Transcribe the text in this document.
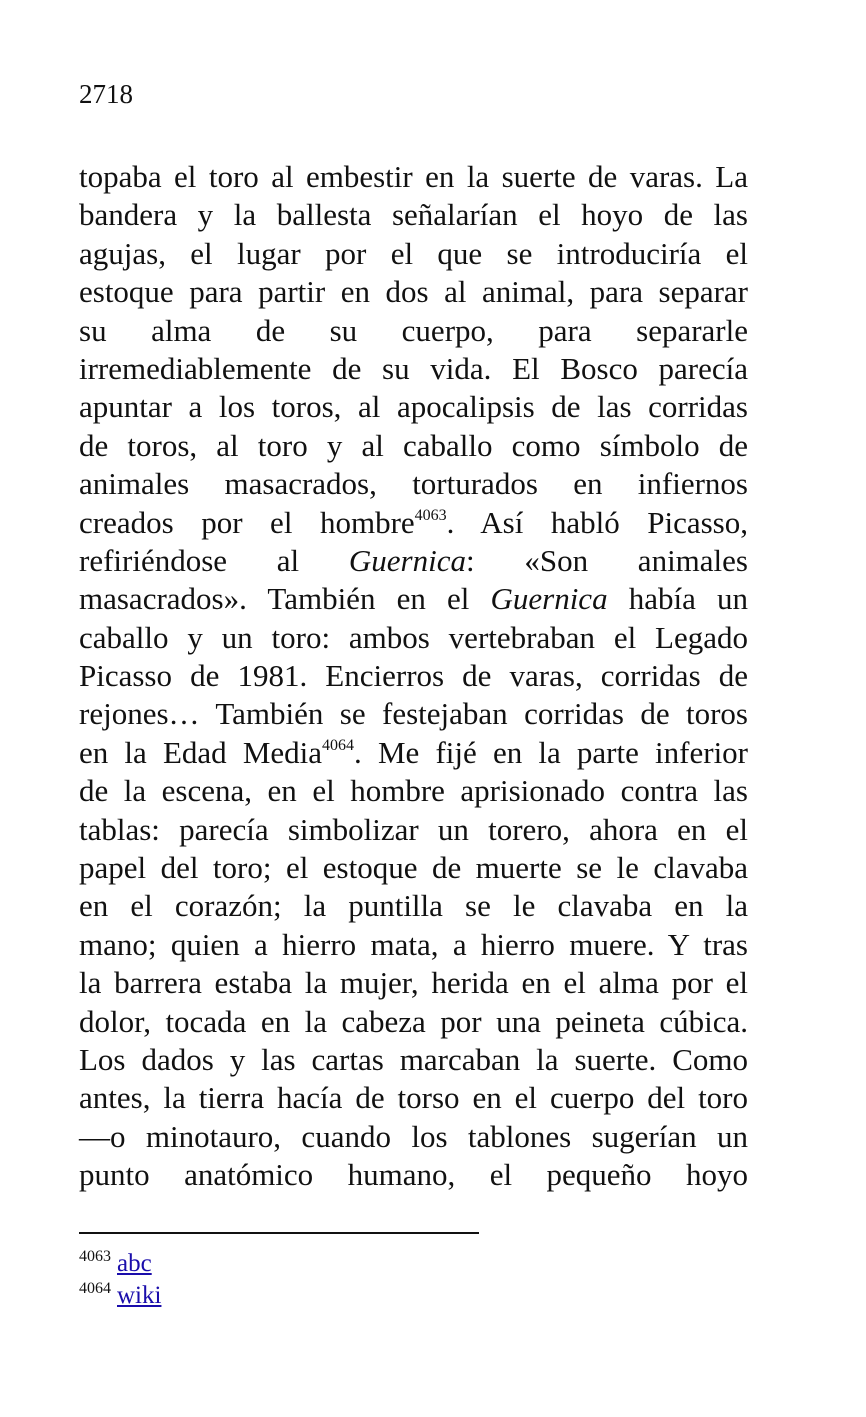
2718
topaba el toro al embestir en la suerte de varas. La
bandera y la ballesta señalarían el hoyo de las
agujas, el lugar por el que se introduciría el
estoque para partir en dos al animal, para separar
su alma de su cuerpo, para separarle
irremediablemente de su vida. El Bosco parecía
apuntar a los toros, al apocalipsis de las corridas
de toros, al toro y al caballo como símbolo de
animales masacrados, torturados en infiernos
creados por el hombre$^{4063}$. Así habló Picasso,
refiriéndose al Guernica: «Son animales
masacrados». También en el Guernica había un
caballo y un toro: ambos vertebraban el Legado
Picasso de 1981. Encierros de varas, corridas de
rejones… También se festejaban corridas de toros
en la Edad Media$^{4064}$. Me fijé en la parte inferior
de la escena, en el hombre aprisionado contra las
tablas: parecía simbolizar un torero, ahora en el
papel del toro; el estoque de muerte se le clavaba
en el corazón; la puntilla se le clavaba en la
mano; quien a hierro mata, a hierro muere. Y tras
la barrera estaba la mujer, herida en el alma por el
dolor, tocada en la cabeza por una peineta cúbica.
Los dados y las cartas marcaban la suerte. Como
antes, la tierra hacía de torso en el cuerpo del toro
—o minotauro, cuando los tablones sugerían un
punto anatómico humano, el pequeño hoyo
$^{4063}$ abc
$^{4064}$ wiki
